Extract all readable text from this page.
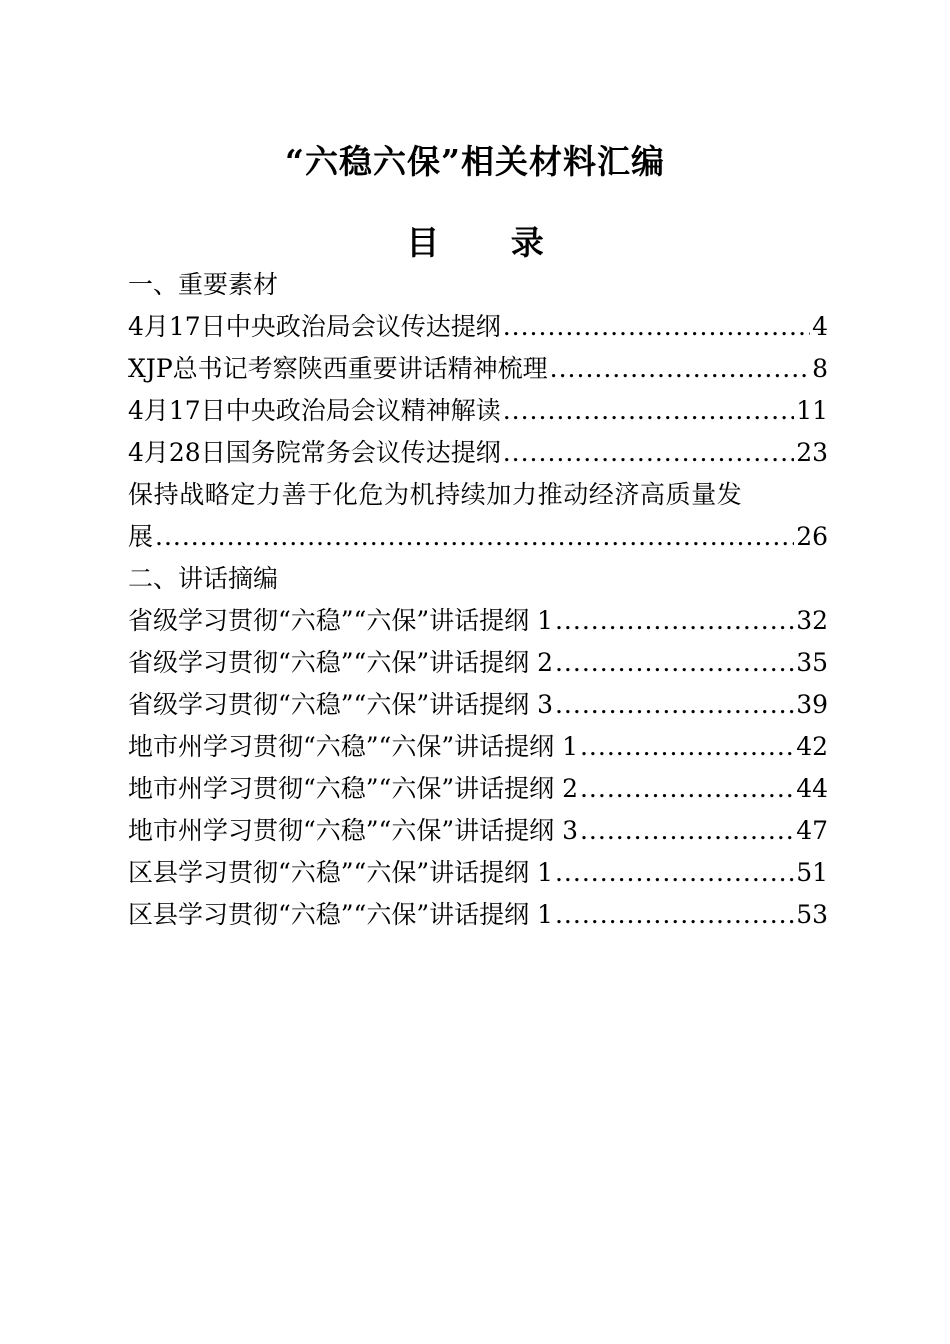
“六稳六保”相关材料汇编
目 录
一、重要素材
4月17日中央政治局会议传达提纲 .....	4
XJP总书记考察陕西重要讲话精神梳理 .....	8
4月17日中央政治局会议精神解读 .....	11
4月28日国务院常务会议传达提纲 .....	23
保持战略定力善于化危为机持续加力推动经济高质量发
展 .....	26
二、讲话摘编
省级学习贯彻“六稳”“六保”讲话提纲 1 .....	32
省级学习贯彻“六稳”“六保”讲话提纲 2 .....	35
省级学习贯彻“六稳”“六保”讲话提纲 3 .....	39
地市州学习贯彻“六稳”“六保”讲话提纲 1 .....	42
地市州学习贯彻“六稳”“六保”讲话提纲 2 .....	44
地市州学习贯彻“六稳”“六保”讲话提纲 3 .....	47
区县学习贯彻“六稳”“六保”讲话提纲 1 .....	51
区县学习贯彻“六稳”“六保”讲话提纲 1 .....	53
